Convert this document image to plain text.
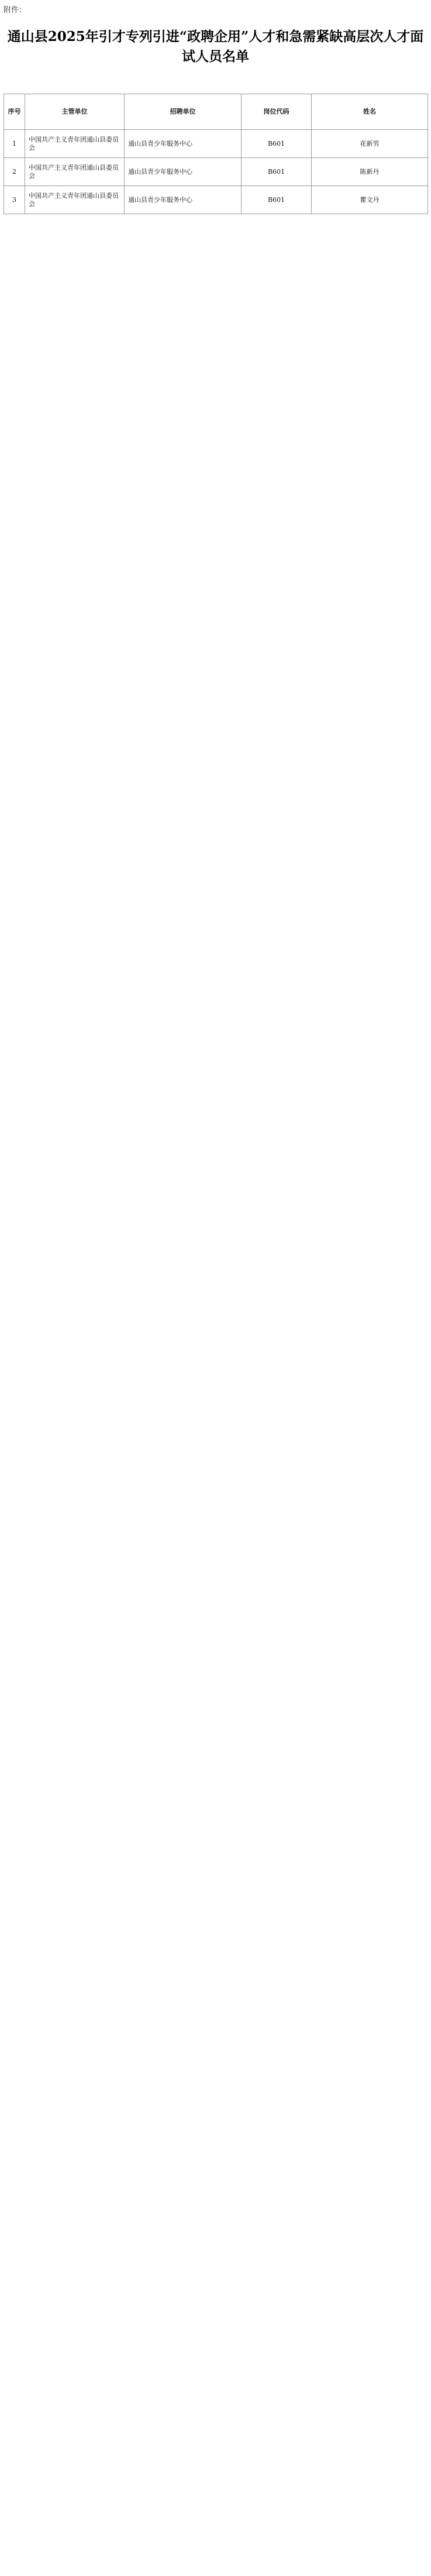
附件：
通山县2025年引才专列引进“政聘企用”人才和急需紧缺高层次人才面试人员名单
序号	主管单位	招聘单位	岗位代码	姓名
1	中国共产主义青年团通山县委员会	通山县青少年服务中心	B601	花新男
2	中国共产主义青年团通山县委员会	通山县青少年服务中心	B601	陈新丹
3	中国共产主义青年团通山县委员会	通山县青少年服务中心	B601	瞿文丹
